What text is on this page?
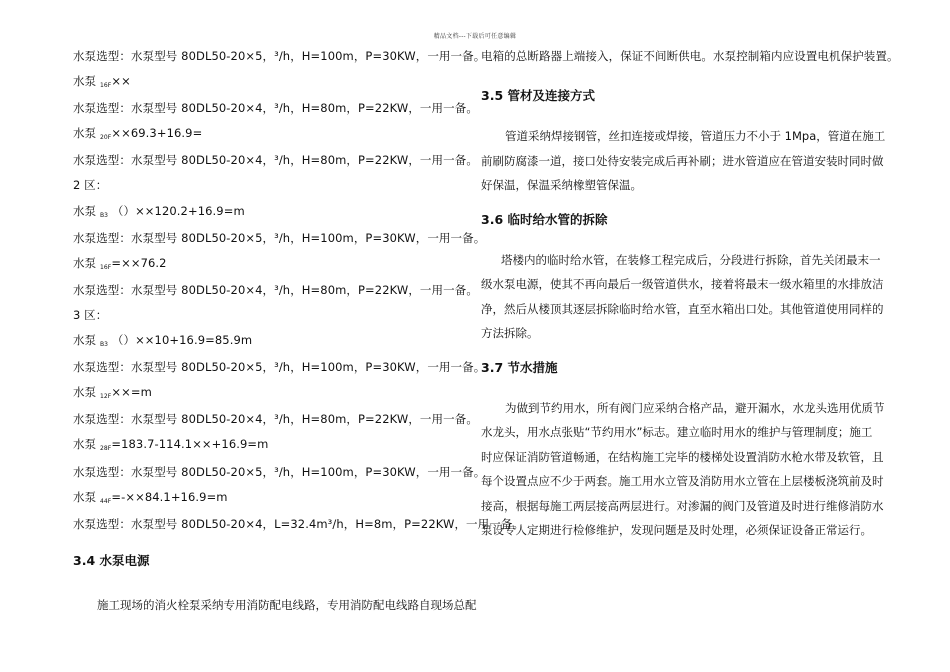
精品文档---下载后可任意编辑
水泵选型：水泵型号 80DL50-20×5，³/h，H=100m，P=30KW，一用一备。
水泵 16F××
水泵选型：水泵型号 80DL50-20×4，³/h，H=80m，P=22KW，一用一备。
水泵 20F××69.3+16.9=
水泵选型：水泵型号 80DL50-20×4，³/h，H=80m，P=22KW，一用一备。
2 区：
水泵 B3 （）××120.2+16.9=m
水泵选型：水泵型号 80DL50-20×5，³/h，H=100m，P=30KW，一用一备。
水泵 16F=××76.2
水泵选型：水泵型号 80DL50-20×4，³/h，H=80m，P=22KW，一用一备。
3 区：
水泵 B3 （）××10+16.9=85.9m
水泵选型：水泵型号 80DL50-20×5，³/h，H=100m，P=30KW，一用一备。
水泵 12F××=m
水泵选型：水泵型号 80DL50-20×4，³/h，H=80m，P=22KW，一用一备。
水泵 28F=183.7-114.1××+16.9=m
水泵选型：水泵型号 80DL50-20×5，³/h，H=100m，P=30KW，一用一备。
水泵 44F=-××84.1+16.9=m
水泵选型：水泵型号 80DL50-20×4，L=32.4m³/h，H=8m，P=22KW，一用一备。
3.4 水泵电源
施工现场的消火栓泵采纳专用消防配电线路，专用消防配电线路自现场总配
电箱的总断路器上端接入，保证不间断供电。水泵控制箱内应设置电机保护装置。
3.5 管材及连接方式
管道采纳焊接钢管，丝扣连接或焊接，管道压力不小于 1Mpa，管道在施工
前刷防腐漆一道，接口处待安装完成后再补刷；进水管道应在管道安装时同时做
好保温，保温采纳橡塑管保温。
3.6 临时给水管的拆除
塔楼内的临时给水管，在装修工程完成后，分段进行拆除，首先关闭最末一
级水泵电源，使其不再向最后一级管道供水，接着将最末一级水箱里的水排放洁
净，然后从楼顶其逐层拆除临时给水管，直至水箱出口处。其他管道使用同样的
方法拆除。
3.7 节水措施
为做到节约用水，所有阀门应采纳合格产品，避开漏水，水龙头选用优质节
水龙头，用水点张贴“节约用水”标志。建立临时用水的维护与管理制度；施工
时应保证消防管道畅通，在结构施工完毕的楼梯处设置消防水枪水带及软管，且
每个设置点应不少于两套。施工用水立管及消防用水立管在上层楼板浇筑前及时
接高，根据每施工两层接高两层进行。对渗漏的阀门及管道及时进行维修消防水
泵设专人定期进行检修维护，发现问题是及时处理，必须保证设备正常运行。
